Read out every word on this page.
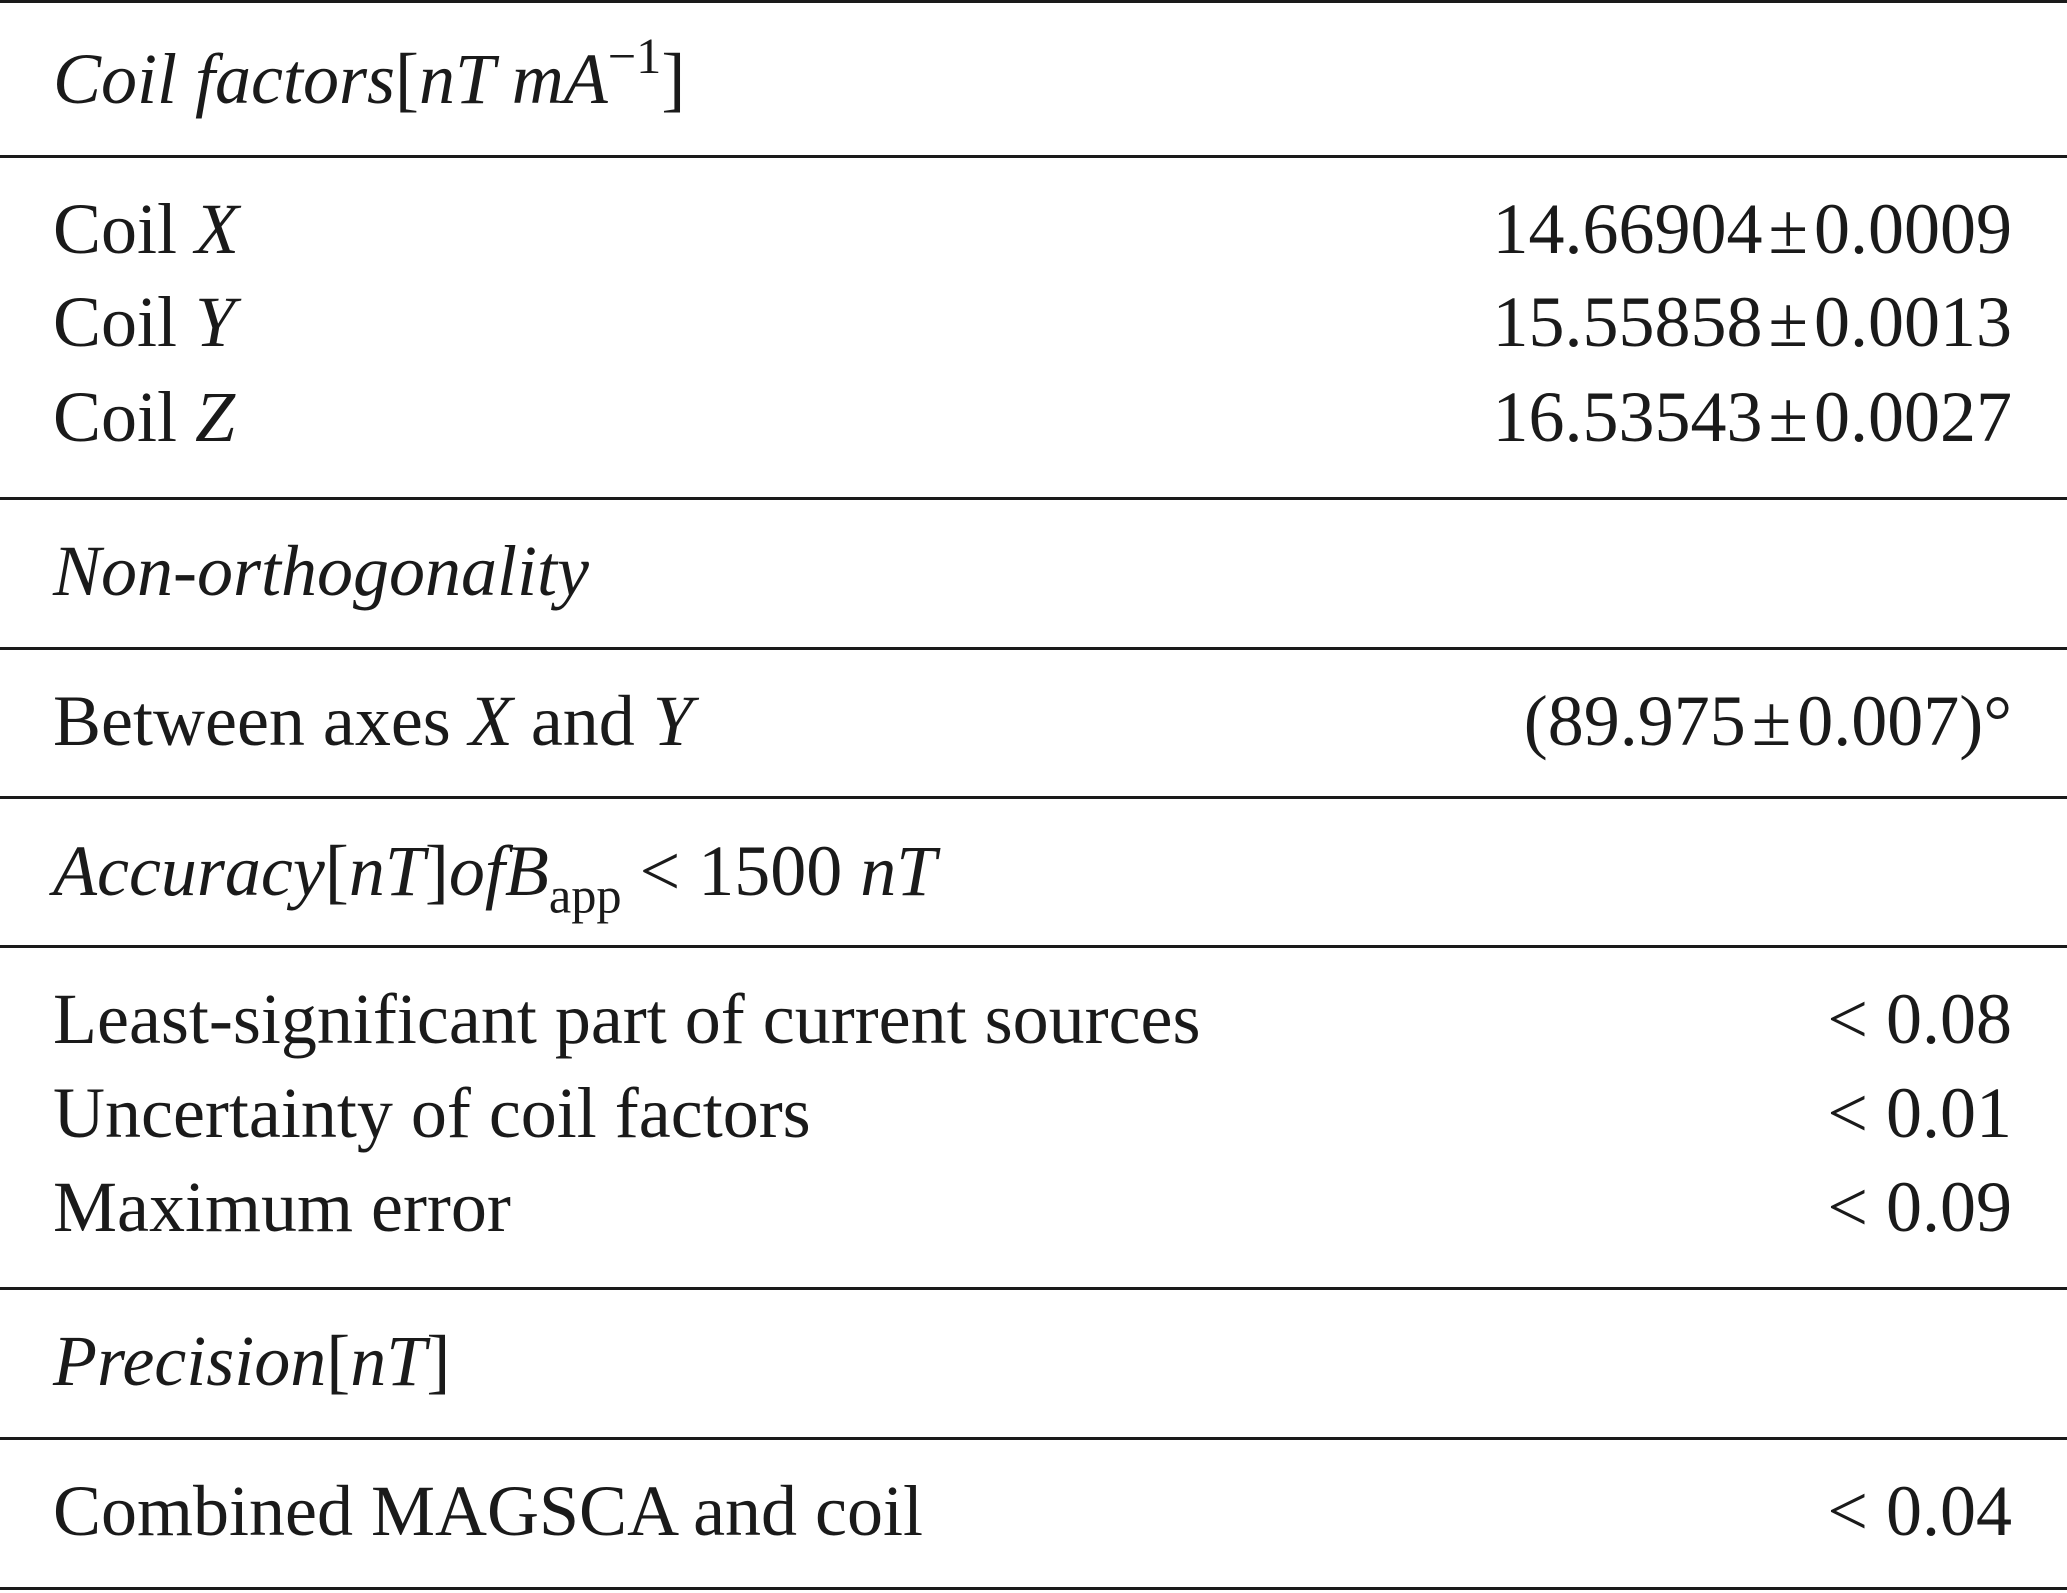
Coil factors[nT $mA^{-1}$]
Coil X	14.66904±0.0009
Coil Y	15.55858±0.0013
Coil Z	16.53543±0.0027
Non-orthogonality
Between axes X and Y	(89.975±0.007)°
Accuracy[nT]ofB$_{app}$ < 1500 nT
Least-significant part of current sources	< 0.08
Uncertainty of coil factors	< 0.01
Maximum error	< 0.09
Precision[nT]
Combined MAGSCA and coil	< 0.04
